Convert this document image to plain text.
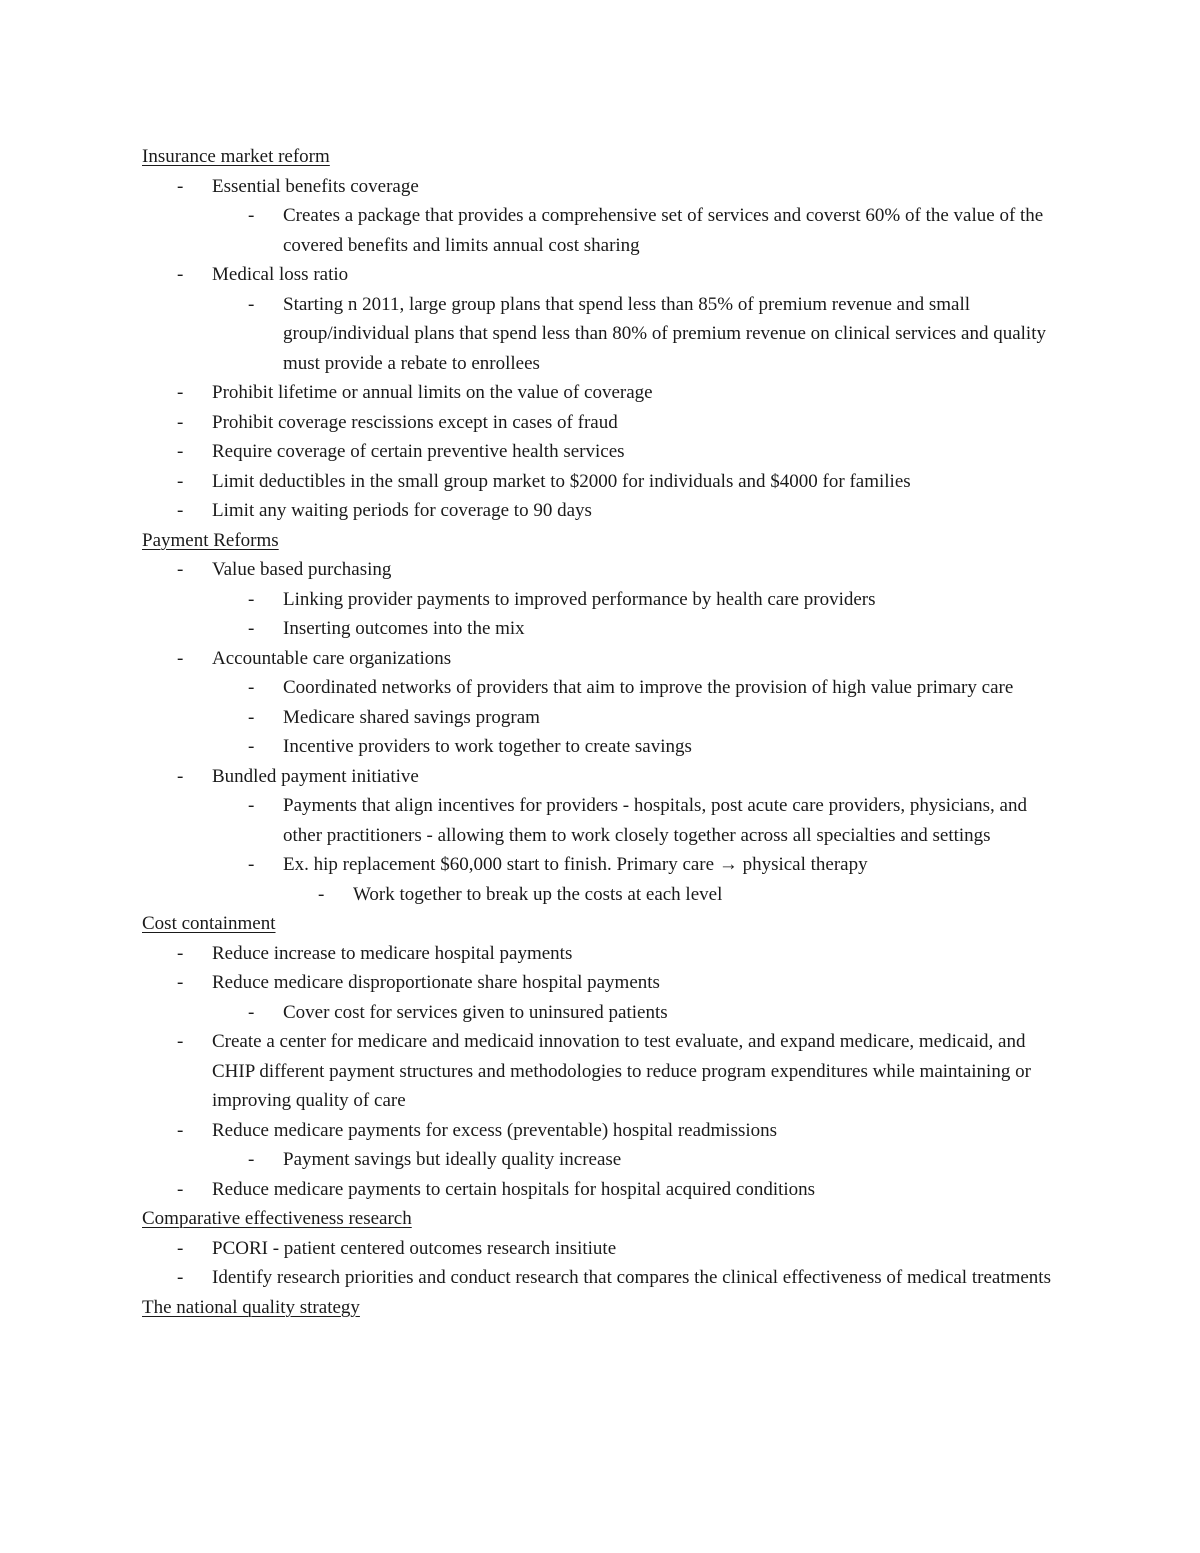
Insurance market reform
- Essential benefits coverage
- Creates a package that provides a comprehensive set of services and coverst 60% of the value of the covered benefits and limits annual cost sharing
- Medical loss ratio
- Starting n 2011, large group plans that spend less than 85% of premium revenue and small group/individual plans that spend less than 80% of premium revenue on clinical services and quality must provide a rebate to enrollees
- Prohibit lifetime or annual limits on the value of coverage
- Prohibit coverage rescissions except in cases of fraud
- Require coverage of certain preventive health services
- Limit deductibles in the small group market to $2000 for individuals and $4000 for families
- Limit any waiting periods for coverage to 90 days
Payment Reforms
- Value based purchasing
- Linking provider payments to improved performance by health care providers
- Inserting outcomes into the mix
- Accountable care organizations
- Coordinated networks of providers that aim to improve the provision of high value primary care
- Medicare shared savings program
- Incentive providers to work together to create savings
- Bundled payment initiative
- Payments that align incentives for providers - hospitals, post acute care providers, physicians, and other practitioners - allowing them to work closely together across all specialties and settings
- Ex. hip replacement $60,000 start to finish. Primary care → physical therapy
- Work together to break up the costs at each level
Cost containment
- Reduce increase to medicare hospital payments
- Reduce medicare disproportionate share hospital payments
- Cover cost for services given to uninsured patients
- Create a center for medicare and medicaid innovation to test evaluate, and expand medicare, medicaid, and CHIP different payment structures and methodologies to reduce program expenditures while maintaining or improving quality of care
- Reduce medicare payments for excess (preventable) hospital readmissions
- Payment savings but ideally quality increase
- Reduce medicare payments to certain hospitals for hospital acquired conditions
Comparative effectiveness research
- PCORI - patient centered outcomes research insitiute
- Identify research priorities and conduct research that compares the clinical effectiveness of medical treatments
The national quality strategy
